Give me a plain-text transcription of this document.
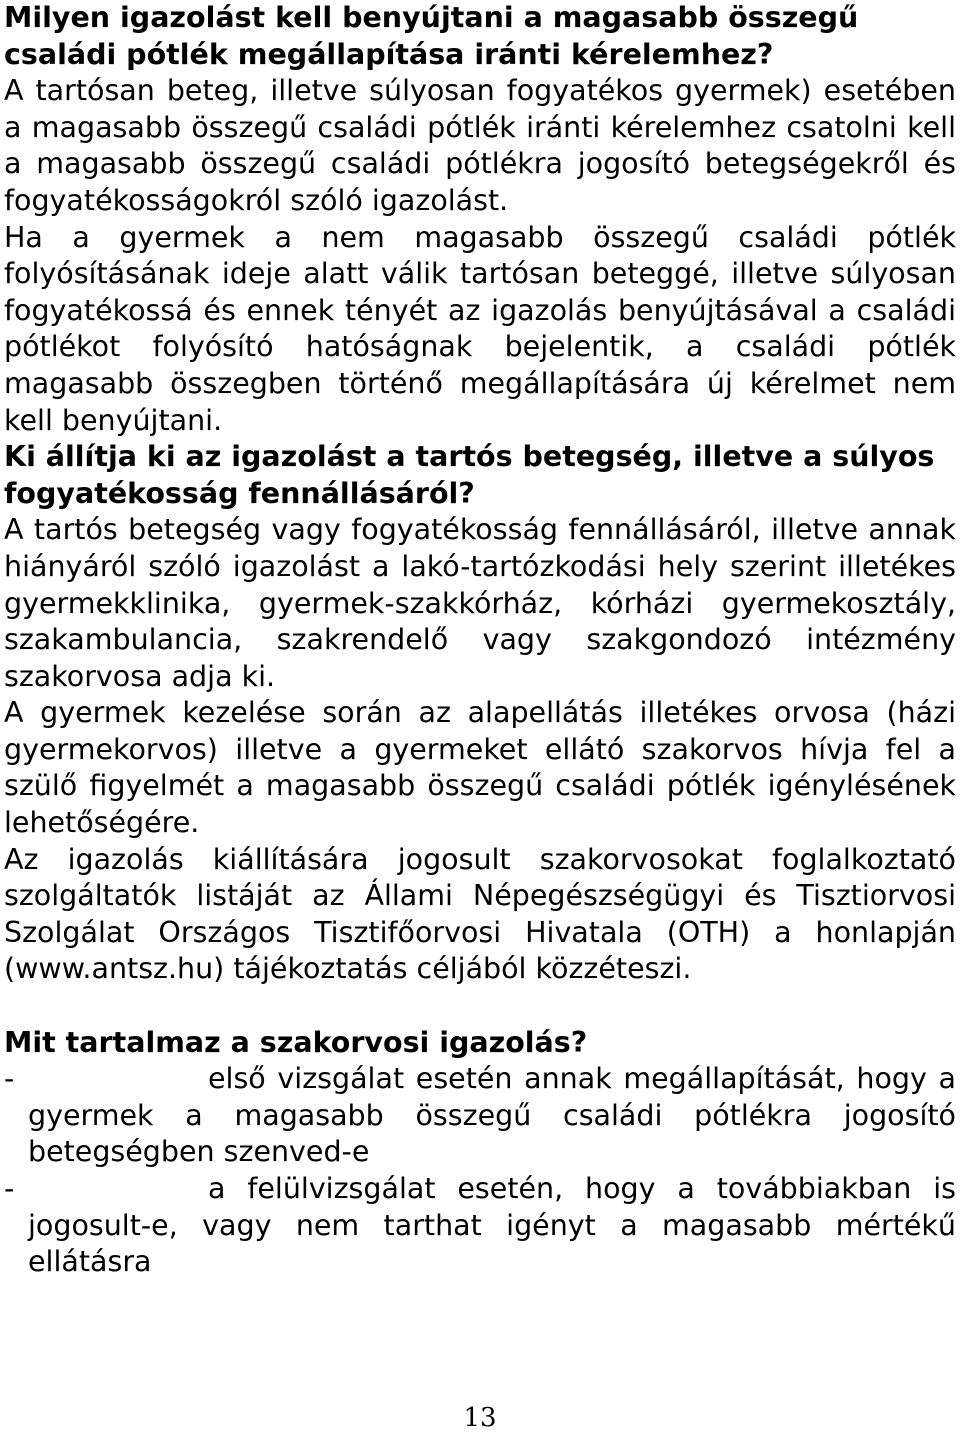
Milyen igazolást kell benyújtani a magasabb összegű családi pótlék megállapítása iránti kérelemhez?

A tartósan beteg, illetve súlyosan fogyatékos gyermek) esetében a magasabb összegű családi pótlék iránti kérelemhez csatolni kell a magasabb összegű családi pótlékra jogosító betegségekről és fogyatékosságokról szóló igazolást.

Ha a gyermek a nem magasabb összegű családi pótlék folyósításának ideje alatt válik tartósan beteggé, illetve súlyosan fogyatékossá és ennek tényét az igazolás benyújtásával a családi pótlékot folyósító hatóságnak bejelentik, a családi pótlék magasabb összegben történő megállapítására új kérelmet nem kell benyújtani.

Ki állítja ki az igazolást a tartós betegség, illetve a súlyos fogyatékosság fennállásáról?

A tartós betegség vagy fogyatékosság fennállásáról, illetve annak hiányáról szóló igazolást a lakó-tartózkodási hely szerint illetékes gyermekklinika, gyermek-szakkórház, kórházi gyermekosztály, szakambulancia, szakrendelő vagy szakgondozó intézmény szakorvosa adja ki.

A gyermek kezelése során az alapellátás illetékes orvosa (házi gyermekorvos) illetve a gyermeket ellátó szakorvos hívja fel a szülő figyelmét a magasabb összegű családi pótlék igénylésének lehetőségére.

Az igazolás kiállítására jogosult szakorvosokat foglalkoztató szolgáltatók listáját az Állami Népegészségügyi és Tisztiorvosi Szolgálat Országos Tisztifőorvosi Hivatala (OTH) a honlapján (www.antsz.hu) tájékoztatás céljából közzéteszi.

Mit tartalmaz a szakorvosi igazolás?

-	első vizsgálat esetén annak megállapítását, hogy a gyermek a magasabb összegű családi pótlékra jogosító betegségben szenved-e
-	a felülvizsgálat esetén, hogy a továbbiakban is jogosult-e, vagy nem tarthat igényt a magasabb mértékű ellátásra
13
